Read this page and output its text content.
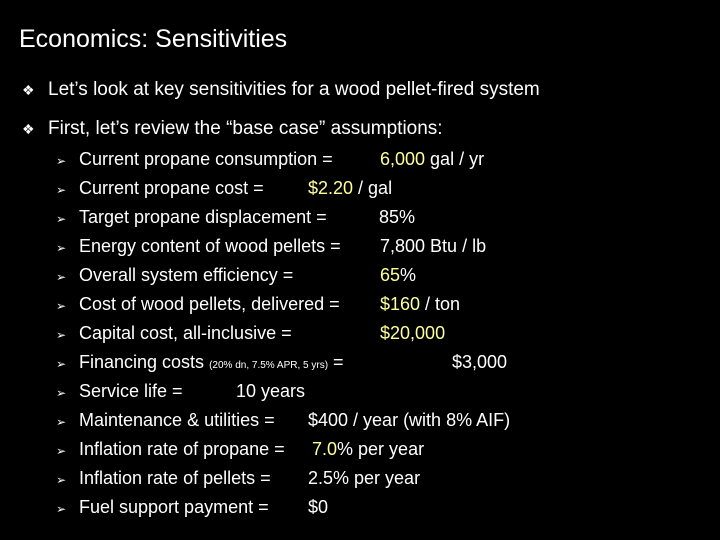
Economics: Sensitivities
❖ Let’s look at key sensitivities for a wood pellet-fired system
❖ First, let’s review the “base case” assumptions:
➢ Current propane consumption =	6,000 gal / yr
➢ Current propane cost = $2.20 / gal
➢ Target propane displacement =	85%
➢ Energy content of wood pellets = 7,800 Btu / lb
➢ Overall system efficiency =	65%
➢ Cost of wood pellets, delivered = $160 / ton
➢ Capital cost, all-inclusive =	$20,000
➢ Financing costs (20% dn, 7.5% APR, 5 yrs) =	$3,000
➢ Service life =	10 years
➢ Maintenance & utilities = $400 / year (with 8% AIF)
➢ Inflation rate of propane = 7.0% per year
➢ Inflation rate of pellets = 2.5% per year
➢ Fuel support payment = $0
